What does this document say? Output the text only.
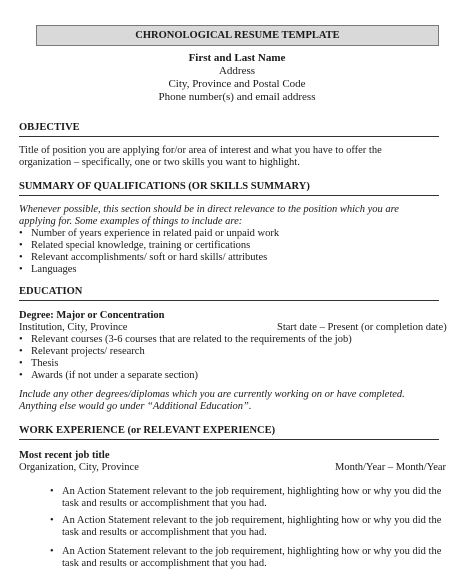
CHRONOLOGICAL RESUME TEMPLATE
First and Last Name
Address
City, Province and Postal Code
Phone number(s) and email address
OBJECTIVE
Title of position you are applying for/or area of interest and what you have to offer the
organization – specifically, one or two skills you want to highlight.
SUMMARY OF QUALIFICATIONS (OR SKILLS SUMMARY)
Whenever possible, this section should be in direct relevance to the position which you are
applying for. Some examples of things to include are:
• Number of years experience in related paid or unpaid work
• Related special knowledge, training or certifications
• Relevant accomplishments/ soft or hard skills/ attributes
• Languages
EDUCATION
Degree: Major or Concentration
Institution, City, Province	Start date – Present (or completion date)
• Relevant courses (3-6 courses that are related to the requirements of the job)
• Relevant projects/ research
• Thesis
• Awards (if not under a separate section)
Include any other degrees/diplomas which you are currently working on or have completed.
Anything else would go under “Additional Education”.
WORK EXPERIENCE (or RELEVANT EXPERIENCE)
Most recent job title
Organization, City, Province	Month/Year – Month/Year
• An Action Statement relevant to the job requirement, highlighting how or why you did the
task and results or accomplishment that you had.
• An Action Statement relevant to the job requirement, highlighting how or why you did the
task and results or accomplishment that you had.
• An Action Statement relevant to the job requirement, highlighting how or why you did the
task and results or accomplishment that you had.
